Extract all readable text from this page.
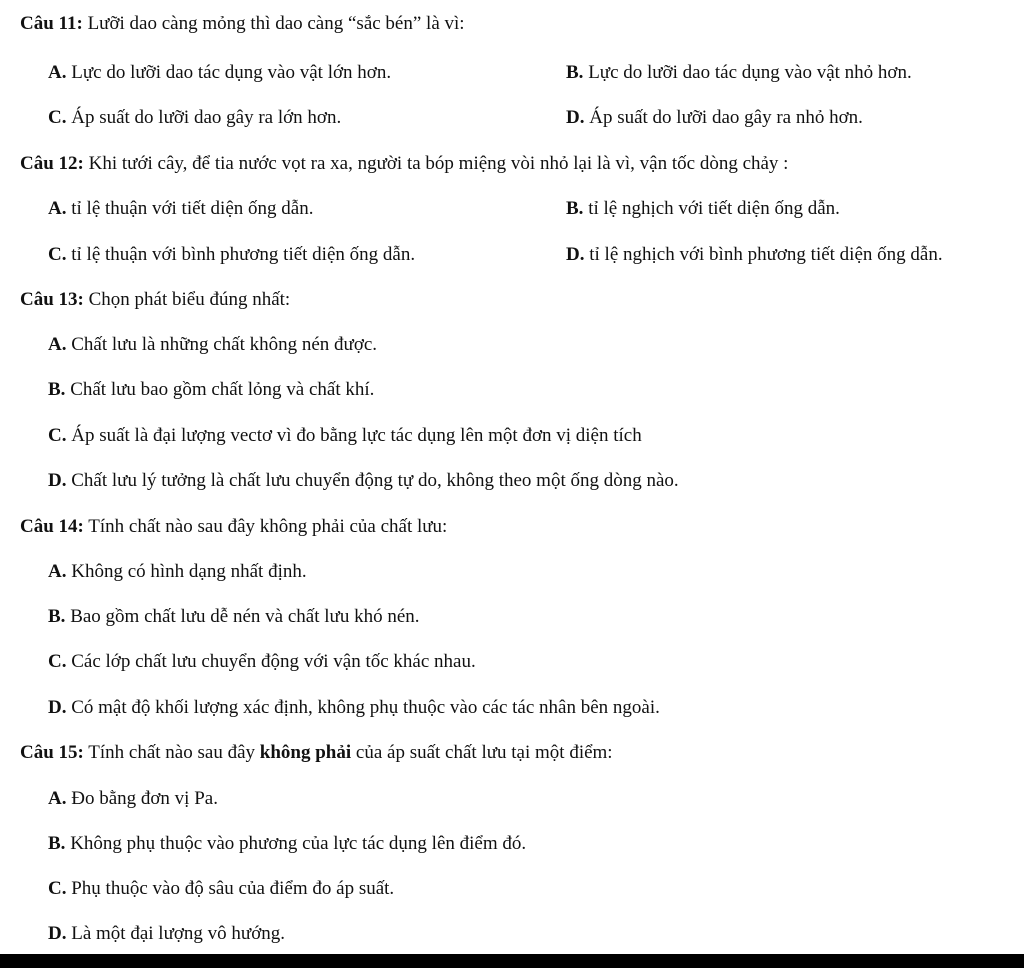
Câu 11: Lưỡi dao càng mỏng thì dao càng “sắc bén” là vì:
A. Lực do lưỡi dao tác dụng vào vật lớn hơn.	B. Lực do lưỡi dao tác dụng vào vật nhỏ hơn.
C. Áp suất do lưỡi dao gây ra lớn hơn.	D. Áp suất do lưỡi dao gây ra nhỏ hơn.
Câu 12: Khi tưới cây, để tia nước vọt ra xa, người ta bóp miệng vòi nhỏ lại là vì, vận tốc dòng chảy :
A. tỉ lệ thuận với tiết diện ống dẫn.	B. tỉ lệ nghịch với tiết diện ống dẫn.
C. tỉ lệ thuận với bình phương tiết diện ống dẫn.	D. tỉ lệ nghịch với bình phương tiết diện ống dẫn.
Câu 13: Chọn phát biểu đúng nhất:
A. Chất lưu là những chất không nén được.
B. Chất lưu bao gồm chất lỏng và chất khí.
C. Áp suất là đại lượng vectơ vì đo bằng lực tác dụng lên một đơn vị diện tích
D. Chất lưu lý tưởng là chất lưu chuyển động tự do, không theo một ống dòng nào.
Câu 14: Tính chất nào sau đây không phải của chất lưu:
A. Không có hình dạng nhất định.
B. Bao gồm chất lưu dễ nén và chất lưu khó nén.
C. Các lớp chất lưu chuyển động với vận tốc khác nhau.
D. Có mật độ khối lượng xác định, không phụ thuộc vào các tác nhân bên ngoài.
Câu 15: Tính chất nào sau đây không phải của áp suất chất lưu tại một điểm:
A. Đo bằng đơn vị Pa.
B. Không phụ thuộc vào phương của lực tác dụng lên điểm đó.
C. Phụ thuộc vào độ sâu của điểm đo áp suất.
D. Là một đại lượng vô hướng.
